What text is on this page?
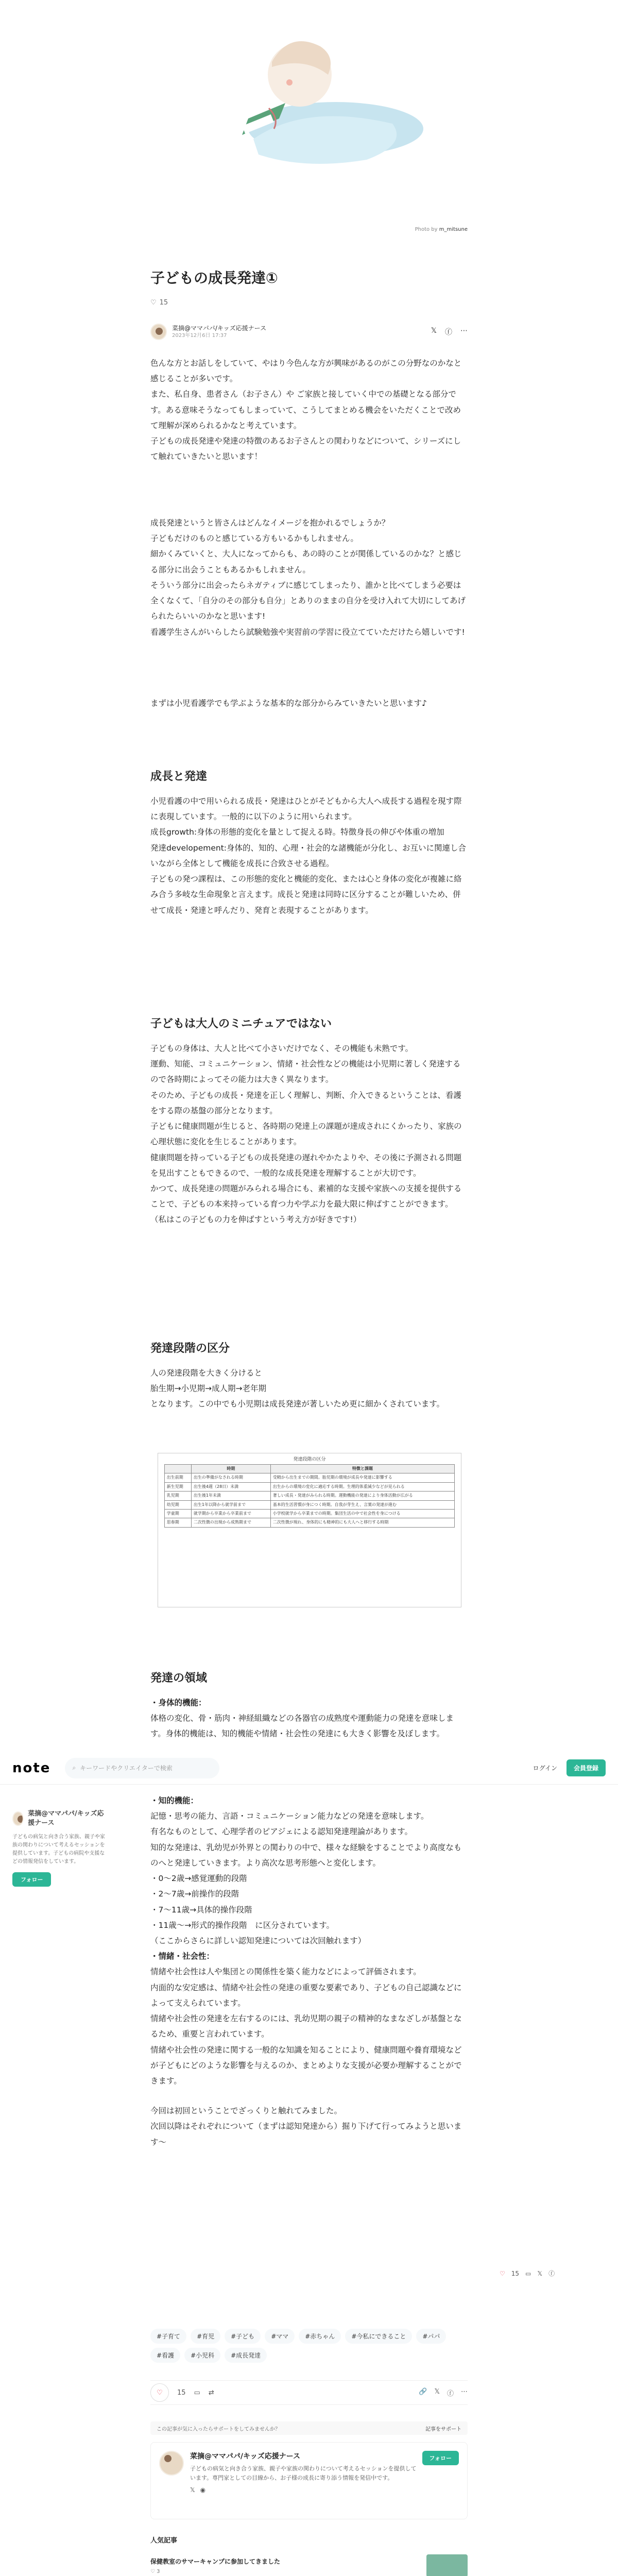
Photo by m_mitsune
子どもの成長発達①
♡ 15
菜摘@ママパパ/キッズ応援ナース
2023年12月6日 17:37
𝕏 ⓕ ⋯

色んな方とお話しをしていて、やはり今色んな方が興味があるのがこの分野なのかなと感じることが多いです。

また、私自身、患者さん（お子さん）や ご家族と接していく中での基礎となる部分です。ある意味そうなってもしまっていて、こうしてまとめる機会をいただくことで改めて理解が深められるかなと考えています。

子どもの成長発達や発達の特徴のあるお子さんとの関わりなどについて、シリーズにして触れていきたいと思います！

成長発達というと皆さんはどんなイメージを抱かれるでしょうか？

子どもだけのものと感じている方もいるかもしれません。

細かくみていくと、大人になってからも、あの時のことが関係しているのかな？と感じる部分に出会うこともあるかもしれません。

そういう部分に出会ったらネガティブに感じてしまったり、誰かと比べてしまう必要は全くなくて、「自分のその部分も自分」とありのままの自分を受け入れて大切にしてあげられたらいいのかなと思います!

看護学生さんがいらしたら試験勉強や実習前の学習に役立てていただけたら嬉しいです!

まずは小児看護学でも学ぶような基本的な部分からみていきたいと思います♪

成長と発達

小児看護の中で用いられる成長・発達はひとがそどもから大人へ成長する過程を現す際に表現しています。一般的に以下のように用いられます。

成長growth:身体の形態的変化を量として捉える時。特徴身長の伸びや体重の増加

発達developement:身体的、知的、心理・社会的な諸機能が分化し、お互いに関連し合いながら全体として機能を成長に合致させる過程。

子どもの発つ課程は、この形態的変化と機能的変化、または心と身体の変化が複雑に絡み合う多岐な生命現象と言えます。成長と発達は同時に区分することが難しいため、併せて成長・発達と呼んだり、発育と表現することがあります。

子どもは大人のミニチュアではない

子どもの身体は、大人と比べて小さいだけでなく、その機能も未熟です。

運動、知能、コミュニケーション、情緒・社会性などの機能は小児期に著しく発達するので各時期によってその能力は大きく異なります。

そのため、子どもの成長・発達を正しく理解し、判断、介入できるということは、看護をする際の基盤の部分となります。

子どもに健康問題が生じると、各時期の発達上の課題が達成されにくかったり、家族の心理状態に変化を生じることがあります。

健康問題を持っている子どもの成長発達の遅れやかたよりや、その後に予測される問題を見出すこともできるので、一般的な成長発達を理解することが大切です。

かつて、成長発達の問題がみられる場合にも、素補的な支援や家族への支援を提供することで、子どもの本来持っている育つ力や学ぶ力を最大限に伸ばすことができます。

（私はこの子どもの力を伸ばすという考え方が好きです!）

発達段階の区分

人の発達段階を大きく分けると

胎生期→小児期→成人期→老年期

となります。この中でも小児期は成長発達が著しいため更に細かくされています。

発達段階の区分
	時期	特徴と課題
出生前期	出生の準備がなされる時期	受精から出生までの期間。胎児期の環境が成長や発達に影響する
新生児期	出生後4週（28日）未満	出生からの環境の変化に適応する時期。生理的体重減少などが見られる
乳児期	出生後1年未満	著しい成長・発達がみられる時期。運動機能の発達により身体活動が広がる
幼児期	出生1年以降から就学前まで	基本的生活習慣が身につく時期。自我が芽生え、言葉の発達が進む
学童期	就学期から卒業から卒業前まで	小学校就学から卒業までの時期。集団生活の中で社会性を身につける
思春期	二次性徴の出現から成熟期まで	二次性徴が現れ、身体的にも精神的にも大人へと移行する時期
発達の領域

・身体的機能：

体格の変化、骨・筋肉・神経組織などの各器官の成熟度や運動能力の発達を意味します。身体的機能は、知的機能や情緒・社会性の発達にも大きく影響を及ぼします。

note	⌕ キーワードやクリエイターで検索	ログイン	会員登録
菜摘@ママパパ/キッズ応援ナース
子どもの病気と向き合う家族、親子や家族の関わりについて考えるセッションを提供しています。子どもの病院や支援などの情報発信をしています。
フォロー

・知的機能：

記憶・思考の能力、言語・コミュニケーション能力などの発達を意味します。

有名なものとして、心理学者のピアジェによる認知発達理論があります。

知的な発達は、乳幼児が外界との関わりの中で、様々な経験をすることでより高度なものへと発達していきます。より高次な思考形態へと変化します。

・0〜2歳→感覚運動的段階

・2〜7歳→前操作的段階

・7〜11歳→具体的操作段階

・11歳〜→形式的操作段階　に区分されています。

（ここからさらに詳しい認知発達については次回触れます）

・情緒・社会性：

情緒や社会性は人や集団との関係性を築く能力などによって評価されます。

内面的な安定感は、情緒や社会性の発達の重要な要素であり、子どもの自己認識などによって支えられています。

情緒や社会性の発達を左右するのには、乳幼児期の親子の精神的なまなざしが基盤となるため、重要と言われています。

情緒や社会性の発達に関する一般的な知識を知ることにより、健康問題や養育環境などが子どもにどのような影響を与えるのか、まとめよりな支援が必要か理解することができます。

今回は初回ということでざっくりと触れてみました。

次回以降はそれぞれについて（まずは認知発達から）掘り下げて行ってみようと思います〜

#子育て	#育児	#子ども	#ママ	#赤ちゃん	#今私にできること	#パパ
#看護	#小児科	#成長発達
♡ 15 ▭ 𝕏 ⓕ
♡	15 ▭ ⇄	🔗 𝕏 ⓕ ⋯
この記事が気に入ったらサポートをしてみませんか？	記事をサポート
菜摘@ママパパ/キッズ応援ナース
子どもの病気と向き合う家族、親子や家族の関わりについて考えるセッションを提供しています。専門家としての目線から、お子様の成長に寄り添う情報を発信中です。
𝕏 ◉
フォロー
人気記事
保健教室のサマーキャンプに参加してきました
♡ 3
